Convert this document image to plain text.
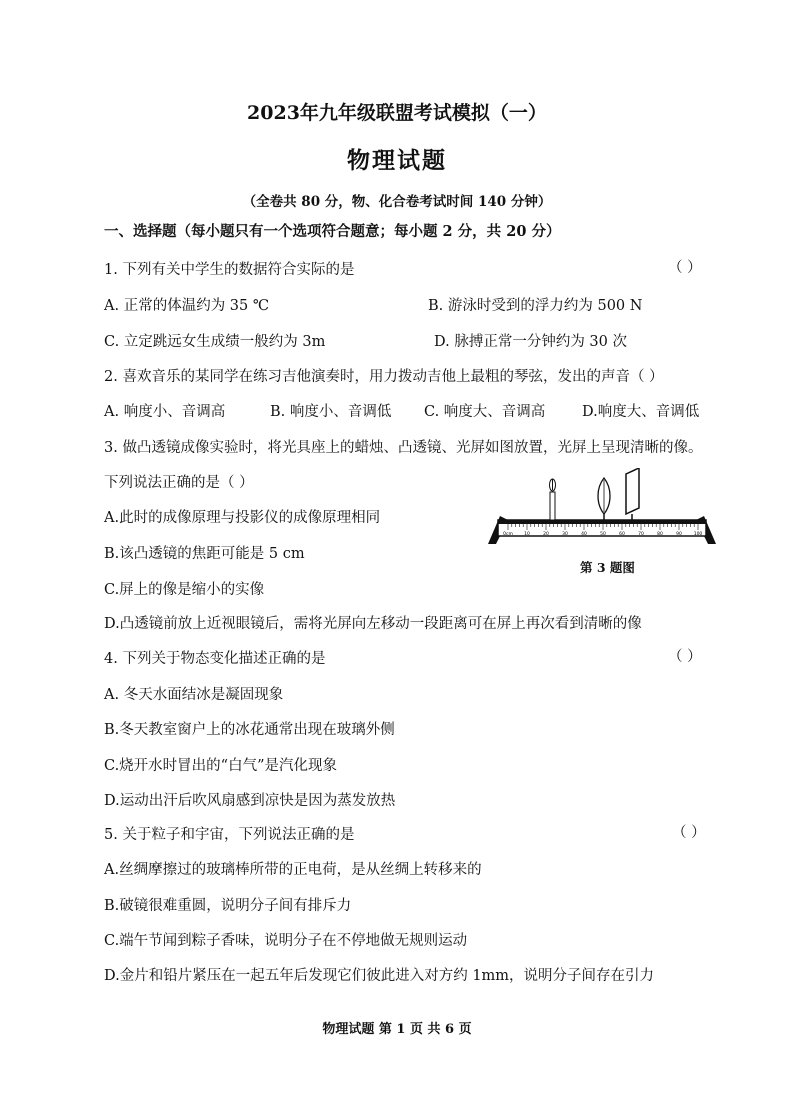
2023年九年级联盟考试模拟（一）
物理试题
（全卷共 80 分，物、化合卷考试时间 140 分钟）
一、选择题（每小题只有一个选项符合题意；每小题 2 分，共 20 分）
1. 下列有关中学生的数据符合实际的是	（ ）
A. 正常的体温约为 35 ℃	B. 游泳时受到的浮力约为 500 N
C. 立定跳远女生成绩一般约为 3m	D. 脉搏正常一分钟约为 30 次
2. 喜欢音乐的某同学在练习吉他演奏时，用力拨动吉他上最粗的琴弦，发出的声音（ ）
A. 响度小、音调高	B. 响度小、音调低 C. 响度大、音调高	D.响度大、音调低
3. 做凸透镜成像实验时，将光具座上的蜡烛、凸透镜、光屏如图放置，光屏上呈现清晰的像。
下列说法正确的是（ ）
A.此时的成像原理与投影仪的成像原理相同
B.该凸透镜的焦距可能是 5 cm
C.屏上的像是缩小的实像
D.凸透镜前放上近视眼镜后，需将光屏向左移动一段距离可在屏上再次看到清晰的像
0cm	10	20	30	40	50	60	70	80	90	100
第 3 题图
4. 下列关于物态变化描述正确的是	（ ）
A. 冬天水面结冰是凝固现象
B.冬天教室窗户上的冰花通常出现在玻璃外侧
C.烧开水时冒出的“白气”是汽化现象
D.运动出汗后吹风扇感到凉快是因为蒸发放热
5. 关于粒子和宇宙，下列说法正确的是	（ ）
A.丝绸摩擦过的玻璃棒所带的正电荷，是从丝绸上转移来的
B.破镜很难重圆，说明分子间有排斥力
C.端午节闻到粽子香味，说明分子在不停地做无规则运动
D.金片和铅片紧压在一起五年后发现它们彼此进入对方约 1mm，说明分子间存在引力
物理试题 第 1 页 共 6 页
